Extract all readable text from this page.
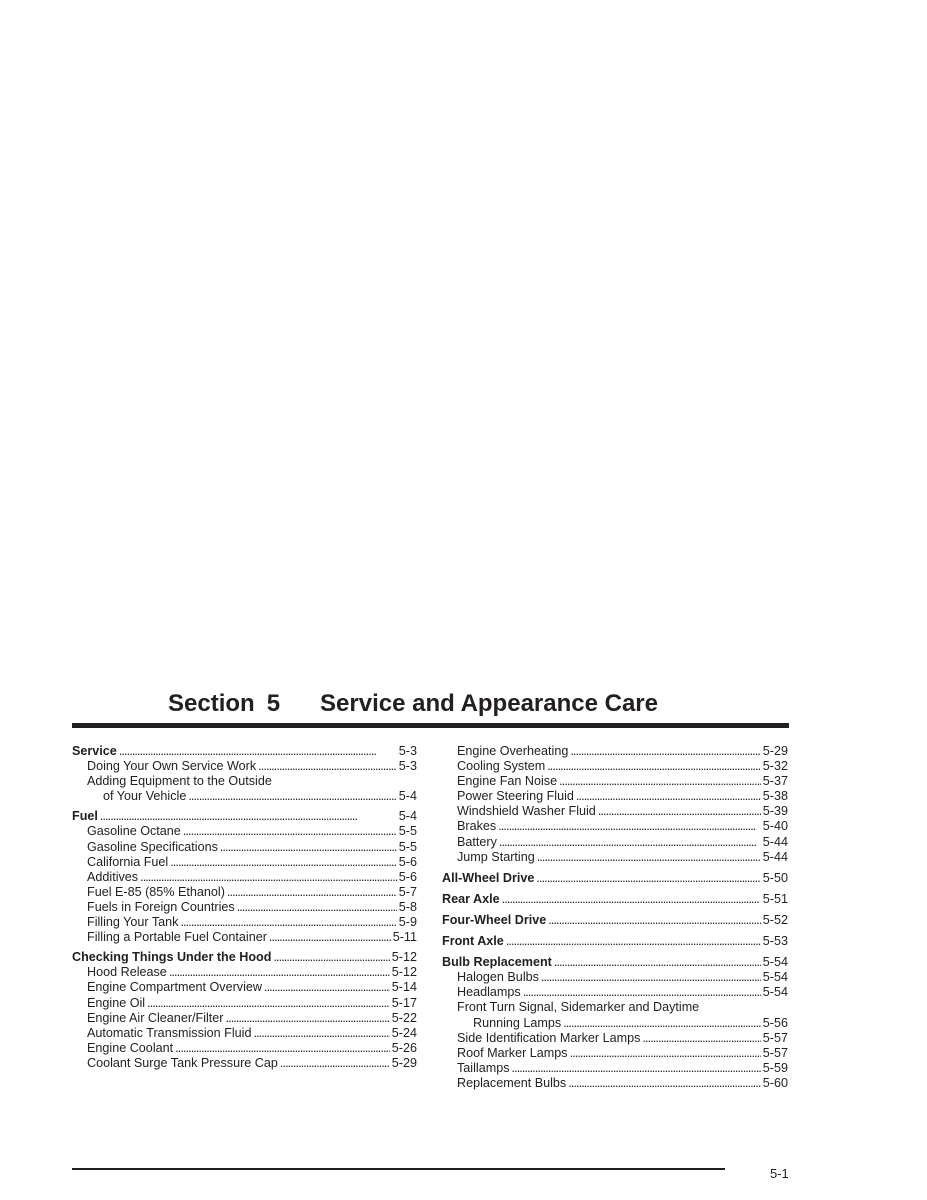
Section 5 Service and Appearance Care
Service . . .	5-3
Doing Your Own Service Work . . .	5-3
Adding Equipment to the Outside
of Your Vehicle . . .	5-4
Fuel . . .	5-4
Gasoline Octane . . .	5-5
Gasoline Specifications . . .	5-5
California Fuel . . .	5-6
Additives . . .	5-6
Fuel E-85 (85% Ethanol) . . .	5-7
Fuels in Foreign Countries . . .	5-8
Filling Your Tank . . .	5-9
Filling a Portable Fuel Container . . .	5-11
Checking Things Under the Hood . . .	5-12
Hood Release . . .	5-12
Engine Compartment Overview . . .	5-14
Engine Oil . . .	5-17
Engine Air Cleaner/Filter . . .	5-22
Automatic Transmission Fluid . . .	5-24
Engine Coolant . . .	5-26
Coolant Surge Tank Pressure Cap . . .	5-29
Engine Overheating . . .	5-29
Cooling System . . .	5-32
Engine Fan Noise . . .	5-37
Power Steering Fluid . . .	5-38
Windshield Washer Fluid . . .	5-39
Brakes . . .	5-40
Battery . . .	5-44
Jump Starting . . .	5-44
All-Wheel Drive . . .	5-50
Rear Axle . . .	5-51
Four-Wheel Drive . . .	5-52
Front Axle . . .	5-53
Bulb Replacement . . .	5-54
Halogen Bulbs . . .	5-54
Headlamps . . .	5-54
Front Turn Signal, Sidemarker and Daytime
Running Lamps . . .	5-56
Side Identification Marker Lamps . . .	5-57
Roof Marker Lamps . . .	5-57
Taillamps . . .	5-59
Replacement Bulbs . . .	5-60
5-1
